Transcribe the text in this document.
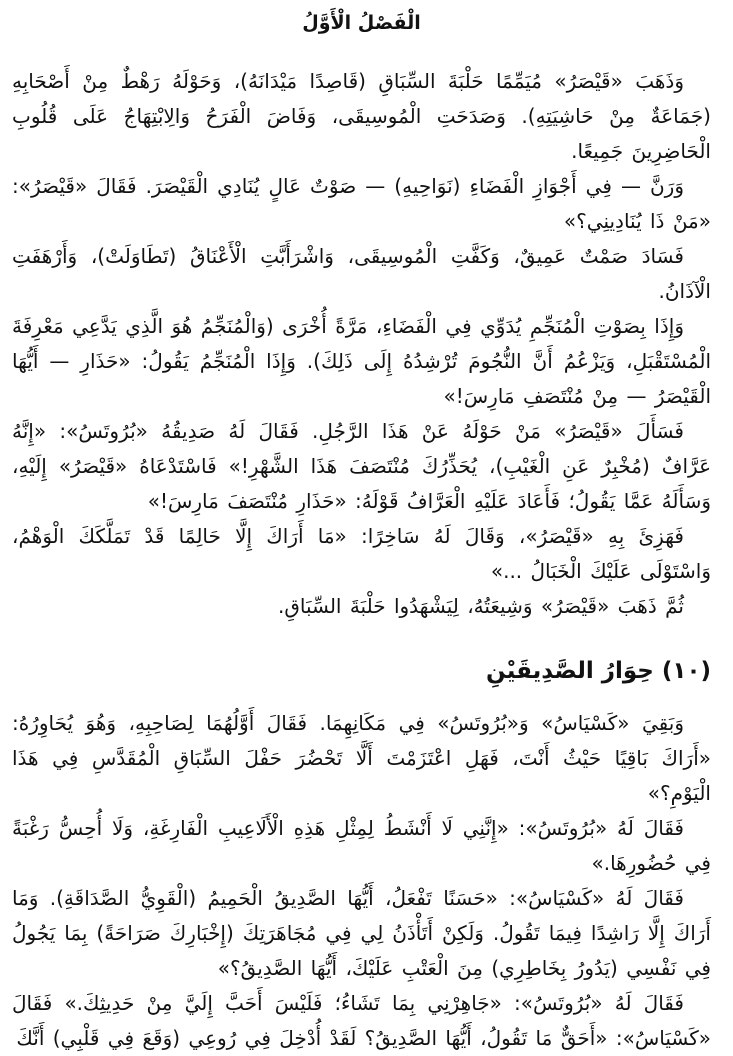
الْفَصْلُ الْأَوَّلُ

وَذَهَبَ «قَيْصَرُ» مُيَمِّمًا حَلْبَةَ السِّبَاقِ (قَاصِدًا مَيْدَانَهُ)، وَحَوْلَهُ رَهْطٌ مِنْ أَصْحَابِهِ (جَمَاعَةٌ مِنْ حَاشِيَتِهِ). وَصَدَحَتِ الْمُوسِيقَى، وَفَاضَ الْفَرَحُ وَالِابْتِهَاجُ عَلَى قُلُوبِ الْحَاضِرِينَ جَمِيعًا.

وَرَنَّ — فِي أَجْوَازِ الْفَضَاءِ (نَوَاحِيهِ) — صَوْتٌ عَالٍ يُنَادِي الْقَيْصَرَ. فَقَالَ «قَيْصَرُ»: «مَنْ ذَا يُنَادِينِي؟»

فَسَادَ صَمْتٌ عَمِيقٌ، وَكَفَّتِ الْمُوسِيقَى، وَاشْرَأَبَّتِ الْأَعْنَاقُ (تَطَاوَلَتْ)، وَأَرْهَفَتِ الْآذَانُ.

وَإِذَا بِصَوْتِ الْمُنَجِّمِ يُدَوِّي فِي الْفَضَاءِ، مَرَّةً أُخْرَى (وَالْمُنَجِّمُ هُوَ الَّذِي يَدَّعِي مَعْرِفَةَ الْمُسْتَقْبَلِ، وَيَزْعُمُ أَنَّ النُّجُومَ تُرْشِدُهُ إِلَى ذَلِكَ). وَإِذَا الْمُنَجِّمُ يَقُولُ: «حَذَارِ — أَيُّهَا الْقَيْصَرُ — مِنْ مُنْتَصَفِ مَارِسَ!»

فَسَأَلَ «قَيْصَرُ» مَنْ حَوْلَهُ عَنْ هَذَا الرَّجُلِ. فَقَالَ لَهُ صَدِيقُهُ «بُرُوتَسُ»: «إِنَّهُ عَرَّافٌ (مُخْبِرٌ عَنِ الْغَيْبِ)، يُحَذِّرُكَ مُنْتَصَفَ هَذَا الشَّهْرِ!» فَاسْتَدْعَاهُ «قَيْصَرُ» إِلَيْهِ، وَسَأَلَهُ عَمَّا يَقُولُ؛ فَأَعَادَ عَلَيْهِ الْعَرَّافُ قَوْلَهُ: «حَذَارِ مُنْتَصَفَ مَارِسَ!»

فَهَزِئَ بِهِ «قَيْصَرُ»، وَقَالَ لَهُ سَاخِرًا: «مَا أَرَاكَ إِلَّا حَالِمًا قَدْ تَمَلَّكَكَ الْوَهْمُ، وَاسْتَوْلَى عَلَيْكَ الْخَبَالُ ...»

ثُمَّ ذَهَبَ «قَيْصَرُ» وَشِيعَتُهُ، لِيَشْهَدُوا حَلْبَةَ السِّبَاقِ.

(١٠) حِوَارُ الصَّدِيقَيْنِ

وَبَقِيَ «كَسْيَاسُ» وَ«بُرُوتَسُ» فِي مَكَانِهِمَا. فَقَالَ أَوَّلُهُمَا لِصَاحِبِهِ، وَهُوَ يُحَاوِرُهُ: «أَرَاكَ بَاقِيًا حَيْثُ أَنْتَ، فَهَلِ اعْتَزَمْتَ أَلَّا تَحْضُرَ حَفْلَ السِّبَاقِ الْمُقَدَّسِ فِي هَذَا الْيَوْمِ؟»

فَقَالَ لَهُ «بُرُوتَسُ»: «إِنَّنِي لَا أَنْشَطُ لِمِثْلِ هَذِهِ الْأَلَاعِيبِ الْفَارِغَةِ، وَلَا أُحِسُّ رَغْبَةً فِي حُضُورِهَا.»

فَقَالَ لَهُ «كَسْيَاسُ»: «حَسَنًا تَفْعَلُ، أَيُّهَا الصَّدِيقُ الْحَمِيمُ (الْقَوِيُّ الصَّدَاقَةِ). وَمَا أَرَاكَ إِلَّا رَاشِدًا فِيمَا تَقُولُ. وَلَكِنْ أَتَأْذَنُ لِي فِي مُجَاهَرَتِكَ (إِخْبَارِكَ صَرَاحَةً) بِمَا يَجُولُ فِي نَفْسِي (يَدُورُ بِخَاطِرِي) مِنَ الْعَتْبِ عَلَيْكَ، أَيُّهَا الصَّدِيقُ؟»

فَقَالَ لَهُ «بُرُوتَسُ»: «جَاهِرْنِي بِمَا تَشَاءُ؛ فَلَيْسَ أَحَبَّ إِلَيَّ مِنْ حَدِيثِكَ.» فَقَالَ «كَسْيَاسُ»: «أَحَقٌّ مَا تَقُولُ، أَيُّهَا الصَّدِيقُ؟ لَقَدْ أُدْخِلَ فِي رُوعِي (وَقَعَ فِي قَلْبِي) أَنَّكَ
